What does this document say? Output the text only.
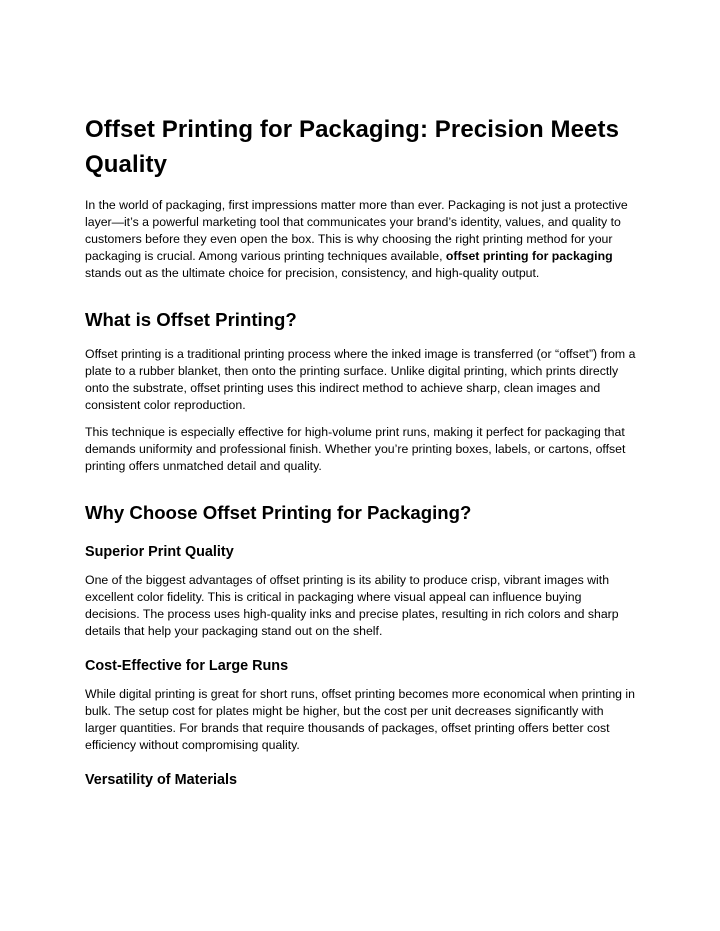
Offset Printing for Packaging: Precision Meets Quality

In the world of packaging, first impressions matter more than ever. Packaging is not just a protective layer—it’s a powerful marketing tool that communicates your brand’s identity, values, and quality to customers before they even open the box. This is why choosing the right printing method for your packaging is crucial. Among various printing techniques available, offset printing for packaging stands out as the ultimate choice for precision, consistency, and high-quality output.

What is Offset Printing?

Offset printing is a traditional printing process where the inked image is transferred (or “offset”) from a plate to a rubber blanket, then onto the printing surface. Unlike digital printing, which prints directly onto the substrate, offset printing uses this indirect method to achieve sharp, clean images and consistent color reproduction.

This technique is especially effective for high-volume print runs, making it perfect for packaging that demands uniformity and professional finish. Whether you’re printing boxes, labels, or cartons, offset printing offers unmatched detail and quality.

Why Choose Offset Printing for Packaging?
Superior Print Quality

One of the biggest advantages of offset printing is its ability to produce crisp, vibrant images with excellent color fidelity. This is critical in packaging where visual appeal can influence buying decisions. The process uses high-quality inks and precise plates, resulting in rich colors and sharp details that help your packaging stand out on the shelf.

Cost-Effective for Large Runs

While digital printing is great for short runs, offset printing becomes more economical when printing in bulk. The setup cost for plates might be higher, but the cost per unit decreases significantly with larger quantities. For brands that require thousands of packages, offset printing offers better cost efficiency without compromising quality.

Versatility of Materials
